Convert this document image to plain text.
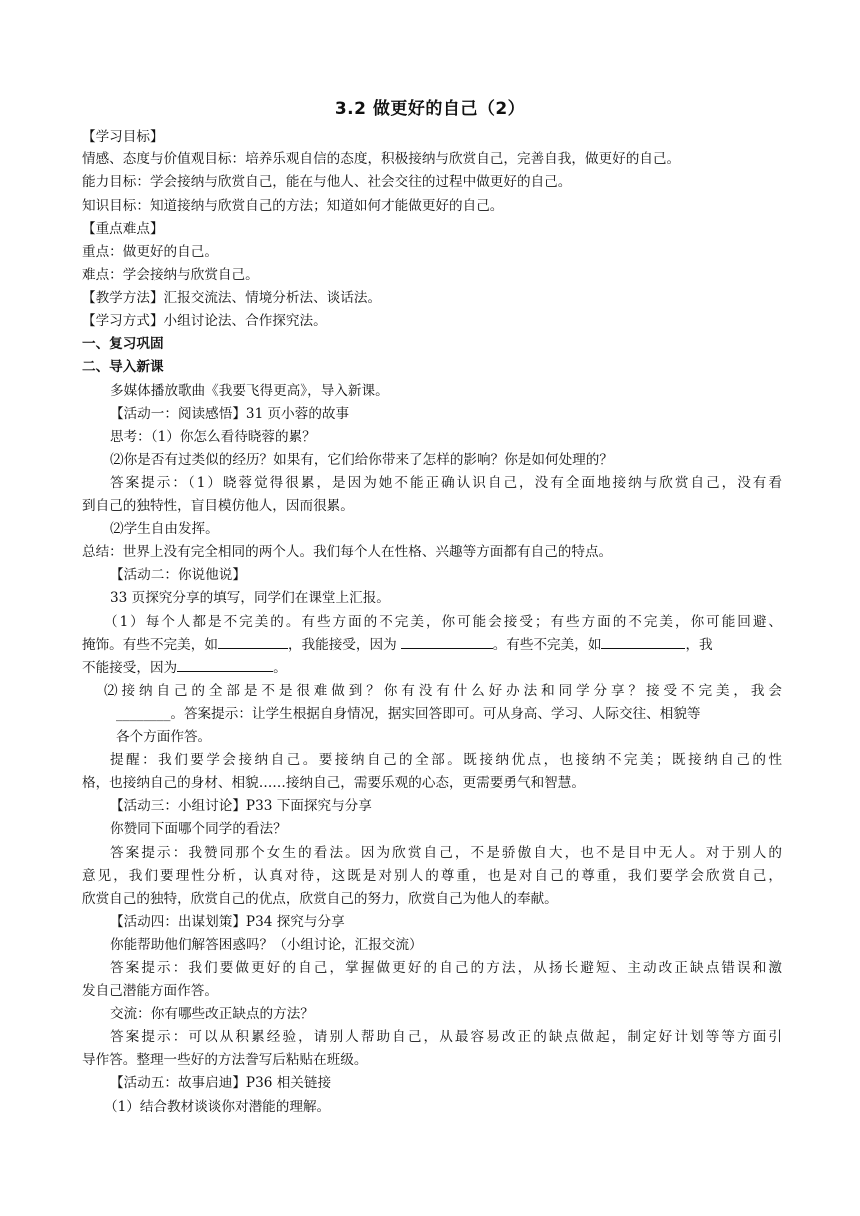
3.2 做更好的自己（2）
【学习目标】
情感、态度与价值观目标：培养乐观自信的态度，积极接纳与欣赏自己，完善自我，做更好的自己。
能力目标：学会接纳与欣赏自己，能在与他人、社会交往的过程中做更好的自己。
知识目标：知道接纳与欣赏自己的方法；知道如何才能做更好的自己。
【重点难点】
重点：做更好的自己。
难点：学会接纳与欣赏自己。
【教学方法】汇报交流法、情境分析法、谈话法。
【学习方式】小组讨论法、合作探究法。
一、复习巩固
二、导入新课
多媒体播放歌曲《我要飞得更高》，导入新课。
【活动一：阅读感悟】31 页小蓉的故事
思考：（1）你怎么看待晓蓉的累？
⑵你是否有过类似的经历？如果有，它们给你带来了怎样的影响？你是如何处理的？
答案提示：（1）晓蓉觉得很累，是因为她不能正确认识自己，没有全面地接纳与欣赏自己，没有看
到自己的独特性，盲目模仿他人，因而很累。
⑵学生自由发挥。
总结：世界上没有完全相同的两个人。我们每个人在性格、兴趣等方面都有自己的特点。
【活动二：你说他说】
33 页探究分享的填写，同学们在课堂上汇报。
（1）每个人都是不完美的。有些方面的不完美，你可能会接受；有些方面的不完美，你可能回避、
掩饰。有些不完美，如	，我能接受，因为	。有些不完美，如	，我
不能接受，因为	。
⑵接纳自己的全部是不是很难做到？你有没有什么好办法和同学分享？接受不完美，我会
________。答案提示：让学生根据自身情况，据实回答即可。可从身高、学习、人际交往、相貌等
各个方面作答。
提醒：我们要学会接纳自己。要接纳自己的全部。既接纳优点，也接纳不完美；既接纳自己的性
格，也接纳自己的身材、相貌……接纳自己，需要乐观的心态，更需要勇气和智慧。
【活动三：小组讨论】P33 下面探究与分享
你赞同下面哪个同学的看法？
答案提示：我赞同那个女生的看法。因为欣赏自己，不是骄傲自大，也不是目中无人。对于别人的
意见，我们要理性分析，认真对待，这既是对别人的尊重，也是对自己的尊重，我们要学会欣赏自己，
欣赏自己的独特，欣赏自己的优点，欣赏自己的努力，欣赏自己为他人的奉献。
【活动四：出谋划策】P34 探究与分享
你能帮助他们解答困惑吗？（小组讨论，汇报交流）
答案提示：我们要做更好的自己，掌握做更好的自己的方法，从扬长避短、主动改正缺点错误和激
发自己潜能方面作答。
交流：你有哪些改正缺点的方法？
答案提示：可以从积累经验，请别人帮助自己，从最容易改正的缺点做起，制定好计划等等方面引
导作答。整理一些好的方法誊写后粘贴在班级。
【活动五：故事启迪】P36 相关链接
（1）结合教材谈谈你对潜能的理解。
